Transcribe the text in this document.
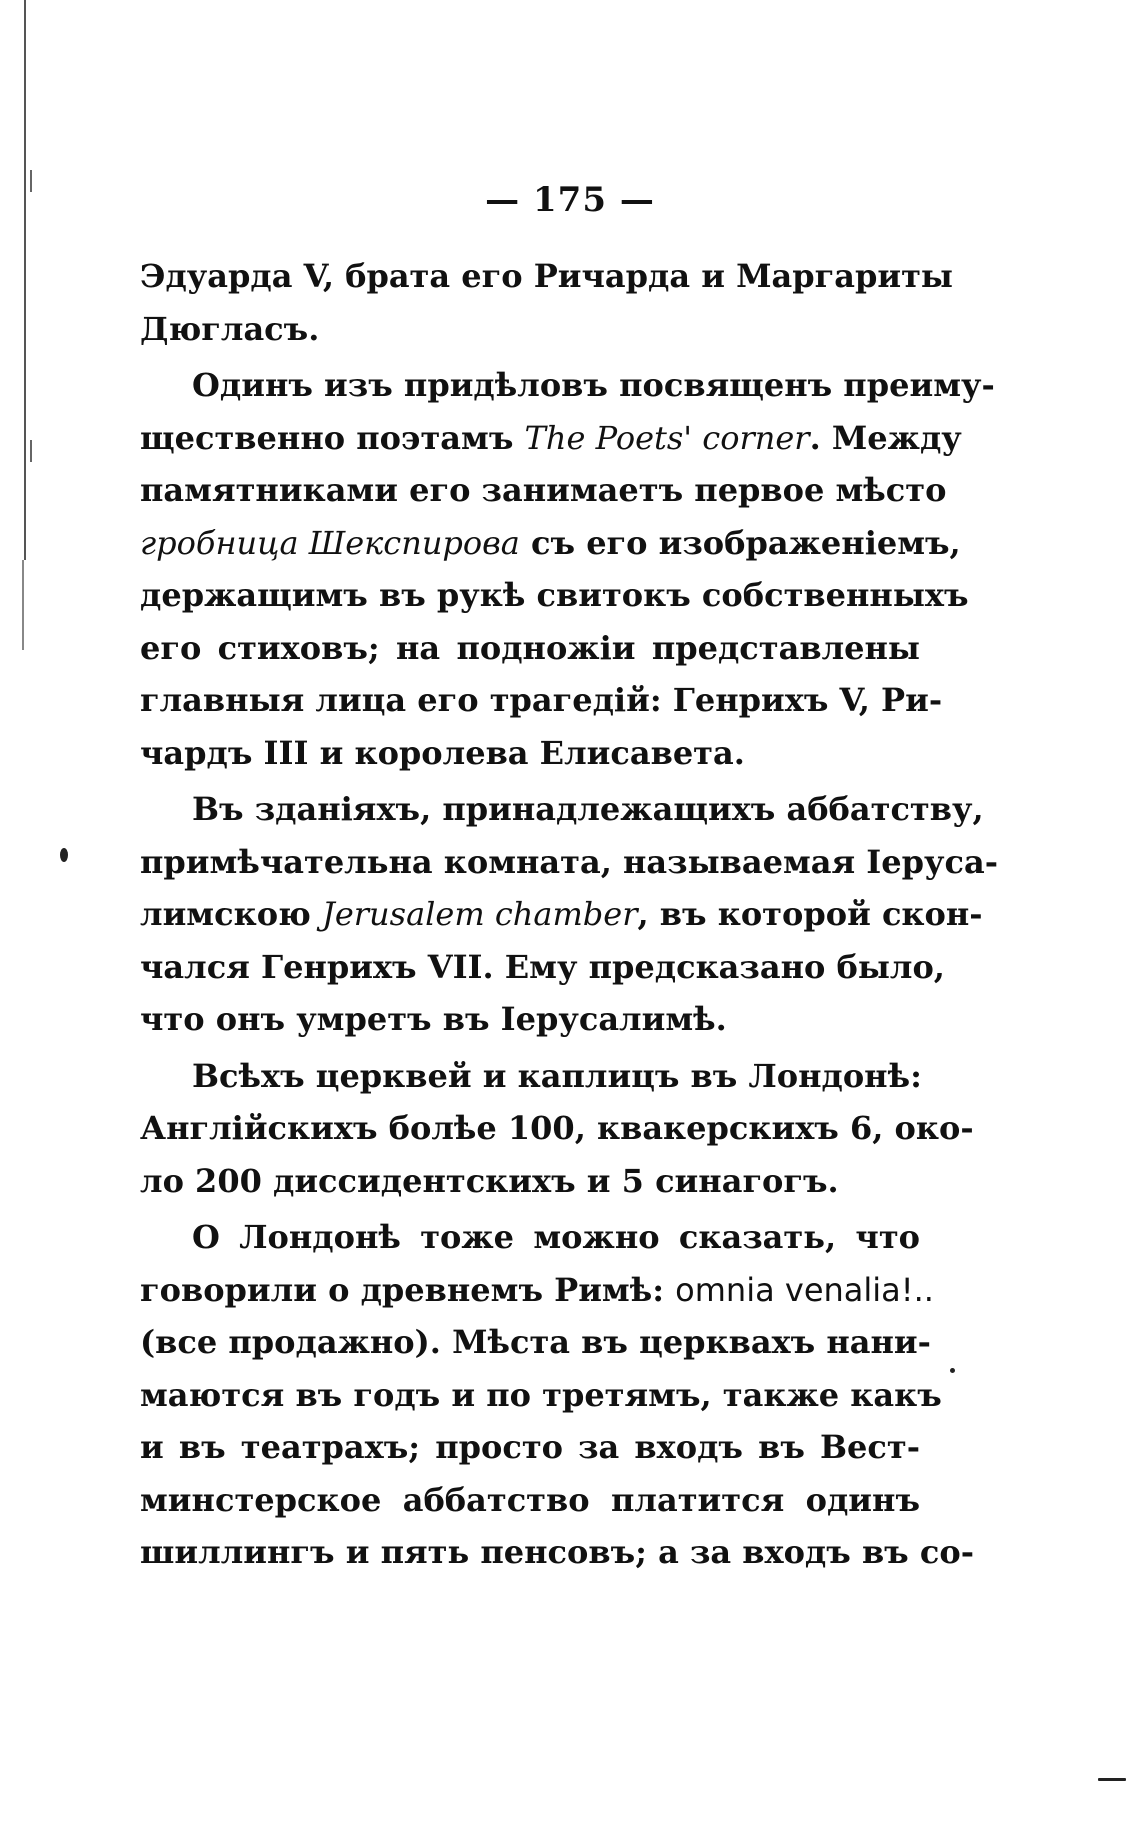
— 175 —
Эдуарда V, брата его Ричарда и Маргариты
Дюгласъ.
Одинъ изъ придѣловъ посвященъ преиму-
щественно поэтамъ The Poets' corner. Между
памятниками его занимаетъ первое мѣсто
гробница Шекспирова съ его изображенiемъ,
держащимъ въ рукѣ свитокъ собственныхъ
его стиховъ; на подножiи представлены
главныя лица его трагедiй: Генрихъ V, Ри-
чардъ III и королева Елисавета.
Въ зданiяхъ, принадлежащихъ аббатству,
примѣчательна комната, называемая Iеруса-
лимскою Jerusalem chamber, въ которой скон-
чался Генрихъ VII. Ему предсказано было,
что онъ умретъ въ Iерусалимѣ.
Всѣхъ церквей и каплицъ въ Лондонѣ:
Англiйскихъ болѣе 100, квакерскихъ 6, око-
ло 200 диссидентскихъ и 5 синагогъ.
О Лондонѣ тоже можно сказать, что
говорили о древнемъ Римѣ: omnia venalia!..
(все продажно). Мѣста въ церквахъ нани-
маются въ годъ и по третямъ, также какъ
и въ театрахъ; просто за входъ въ Вест-
минстерское аббатство платится одинъ
шиллингъ и пять пенсовъ; а за входъ въ со-
